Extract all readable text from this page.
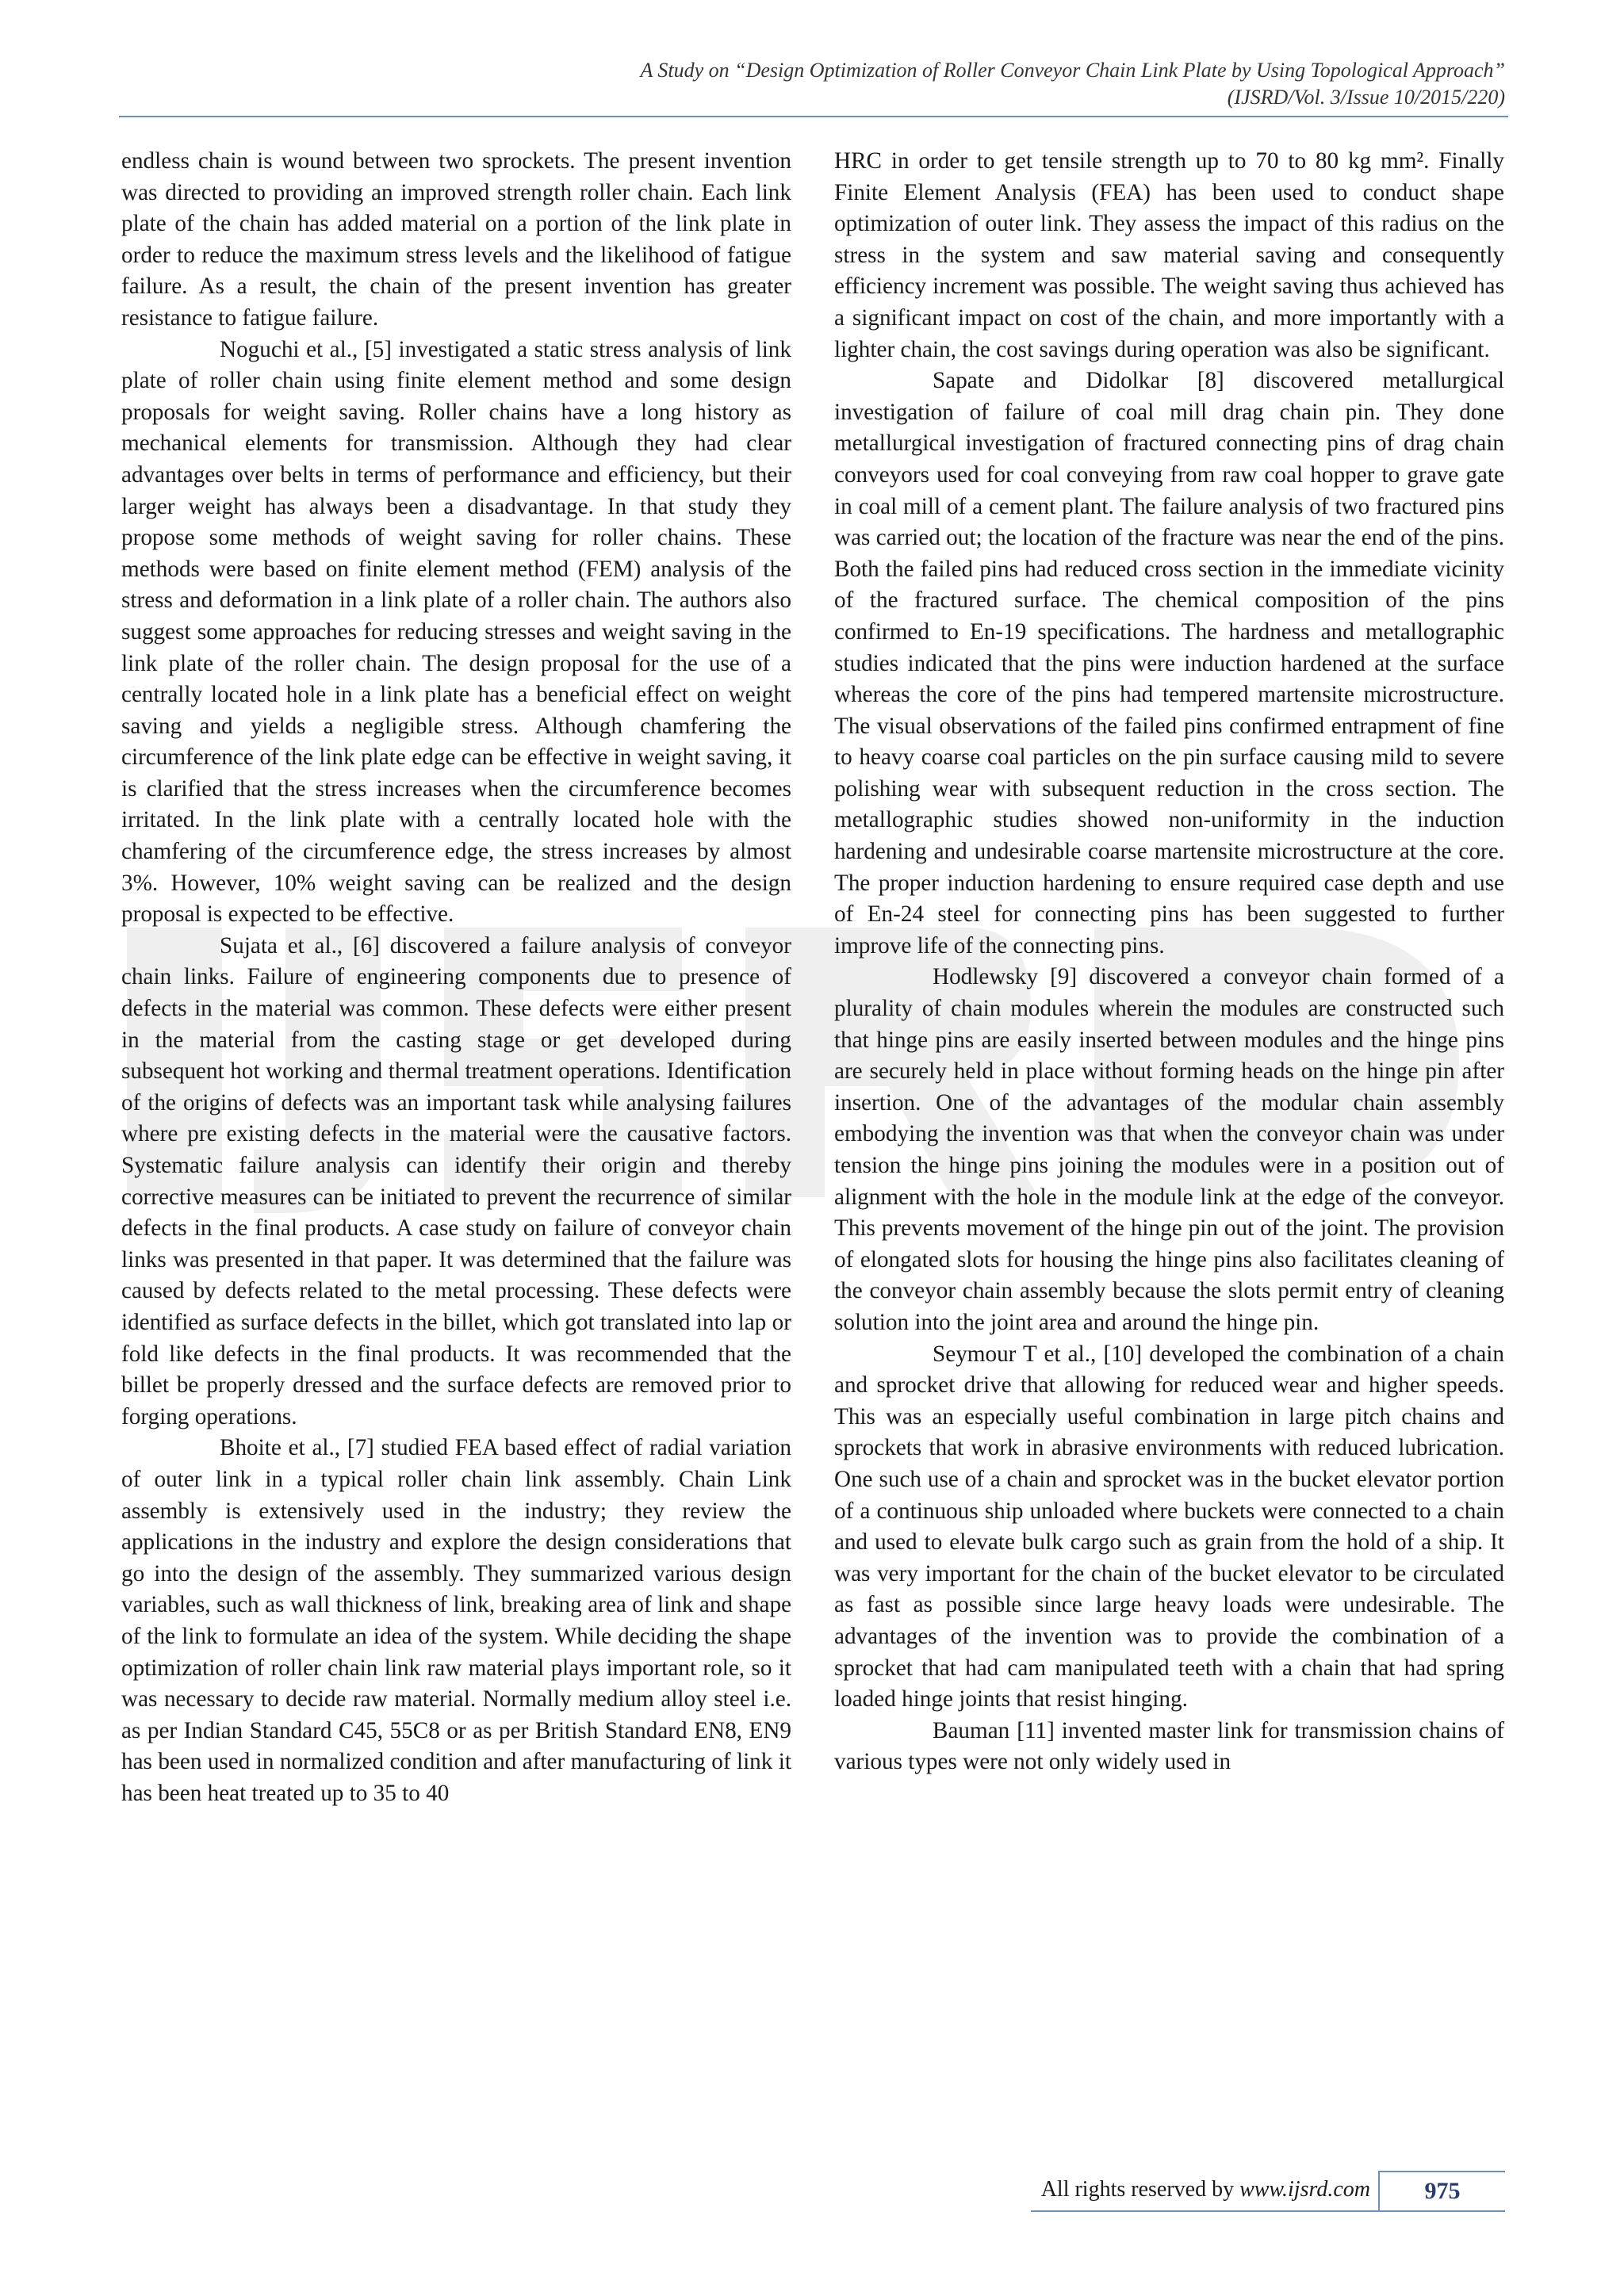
A Study on “Design Optimization of Roller Conveyor Chain Link Plate by Using Topological Approach”
(IJSRD/Vol. 3/Issue 10/2015/220)

endless chain is wound between two sprockets. The present invention was directed to providing an improved strength roller chain. Each link plate of the chain has added material on a portion of the link plate in order to reduce the maximum stress levels and the likelihood of fatigue failure. As a result, the chain of the present invention has greater resistance to fatigue failure.

Noguchi et al., [5] investigated a static stress analysis of link plate of roller chain using finite element method and some design proposals for weight saving. Roller chains have a long history as mechanical elements for transmission. Although they had clear advantages over belts in terms of performance and efficiency, but their larger weight has always been a disadvantage. In that study they propose some methods of weight saving for roller chains. These methods were based on finite element method (FEM) analysis of the stress and deformation in a link plate of a roller chain. The authors also suggest some approaches for reducing stresses and weight saving in the link plate of the roller chain. The design proposal for the use of a centrally located hole in a link plate has a beneficial effect on weight saving and yields a negligible stress. Although chamfering the circumference of the link plate edge can be effective in weight saving, it is clarified that the stress increases when the circumference becomes irritated. In the link plate with a centrally located hole with the chamfering of the circumference edge, the stress increases by almost 3%. However, 10% weight saving can be realized and the design proposal is expected to be effective.

Sujata et al., [6] discovered a failure analysis of conveyor chain links. Failure of engineering components due to presence of defects in the material was common. These defects were either present in the material from the casting stage or get developed during subsequent hot working and thermal treatment operations. Identification of the origins of defects was an important task while analysing failures where pre existing defects in the material were the causative factors. Systematic failure analysis can identify their origin and thereby corrective measures can be initiated to prevent the recurrence of similar defects in the final products. A case study on failure of conveyor chain links was presented in that paper. It was determined that the failure was caused by defects related to the metal processing. These defects were identified as surface defects in the billet, which got translated into lap or fold like defects in the final products. It was recommended that the billet be properly dressed and the surface defects are removed prior to forging operations.

Bhoite et al., [7] studied FEA based effect of radial variation of outer link in a typical roller chain link assembly. Chain Link assembly is extensively used in the industry; they review the applications in the industry and explore the design considerations that go into the design of the assembly. They summarized various design variables, such as wall thickness of link, breaking area of link and shape of the link to formulate an idea of the system. While deciding the shape optimization of roller chain link raw material plays important role, so it was necessary to decide raw material. Normally medium alloy steel i.e. as per Indian Standard C45, 55C8 or as per British Standard EN8, EN9 has been used in normalized condition and after manufacturing of link it has been heat treated up to 35 to 40

HRC in order to get tensile strength up to 70 to 80 kg mm². Finally Finite Element Analysis (FEA) has been used to conduct shape optimization of outer link. They assess the impact of this radius on the stress in the system and saw material saving and consequently efficiency increment was possible. The weight saving thus achieved has a significant impact on cost of the chain, and more importantly with a lighter chain, the cost savings during operation was also be significant.

Sapate and Didolkar [8] discovered metallurgical investigation of failure of coal mill drag chain pin. They done metallurgical investigation of fractured connecting pins of drag chain conveyors used for coal conveying from raw coal hopper to grave gate in coal mill of a cement plant. The failure analysis of two fractured pins was carried out; the location of the fracture was near the end of the pins. Both the failed pins had reduced cross section in the immediate vicinity of the fractured surface. The chemical composition of the pins confirmed to En-19 specifications. The hardness and metallographic studies indicated that the pins were induction hardened at the surface whereas the core of the pins had tempered martensite microstructure. The visual observations of the failed pins confirmed entrapment of fine to heavy coarse coal particles on the pin surface causing mild to severe polishing wear with subsequent reduction in the cross section. The metallographic studies showed non-uniformity in the induction hardening and undesirable coarse martensite microstructure at the core. The proper induction hardening to ensure required case depth and use of En-24 steel for connecting pins has been suggested to further improve life of the connecting pins.

Hodlewsky [9] discovered a conveyor chain formed of a plurality of chain modules wherein the modules are constructed such that hinge pins are easily inserted between modules and the hinge pins are securely held in place without forming heads on the hinge pin after insertion. One of the advantages of the modular chain assembly embodying the invention was that when the conveyor chain was under tension the hinge pins joining the modules were in a position out of alignment with the hole in the module link at the edge of the conveyor. This prevents movement of the hinge pin out of the joint. The provision of elongated slots for housing the hinge pins also facilitates cleaning of the conveyor chain assembly because the slots permit entry of cleaning solution into the joint area and around the hinge pin.

Seymour T et al., [10] developed the combination of a chain and sprocket drive that allowing for reduced wear and higher speeds. This was an especially useful combination in large pitch chains and sprockets that work in abrasive environments with reduced lubrication. One such use of a chain and sprocket was in the bucket elevator portion of a continuous ship unloaded where buckets were connected to a chain and used to elevate bulk cargo such as grain from the hold of a ship. It was very important for the chain of the bucket elevator to be circulated as fast as possible since large heavy loads were undesirable. The advantages of the invention was to provide the combination of a sprocket that had cam manipulated teeth with a chain that had spring loaded hinge joints that resist hinging.

Bauman [11] invented master link for transmission chains of various types were not only widely used in

All rights reserved by www.ijsrd.com	975
